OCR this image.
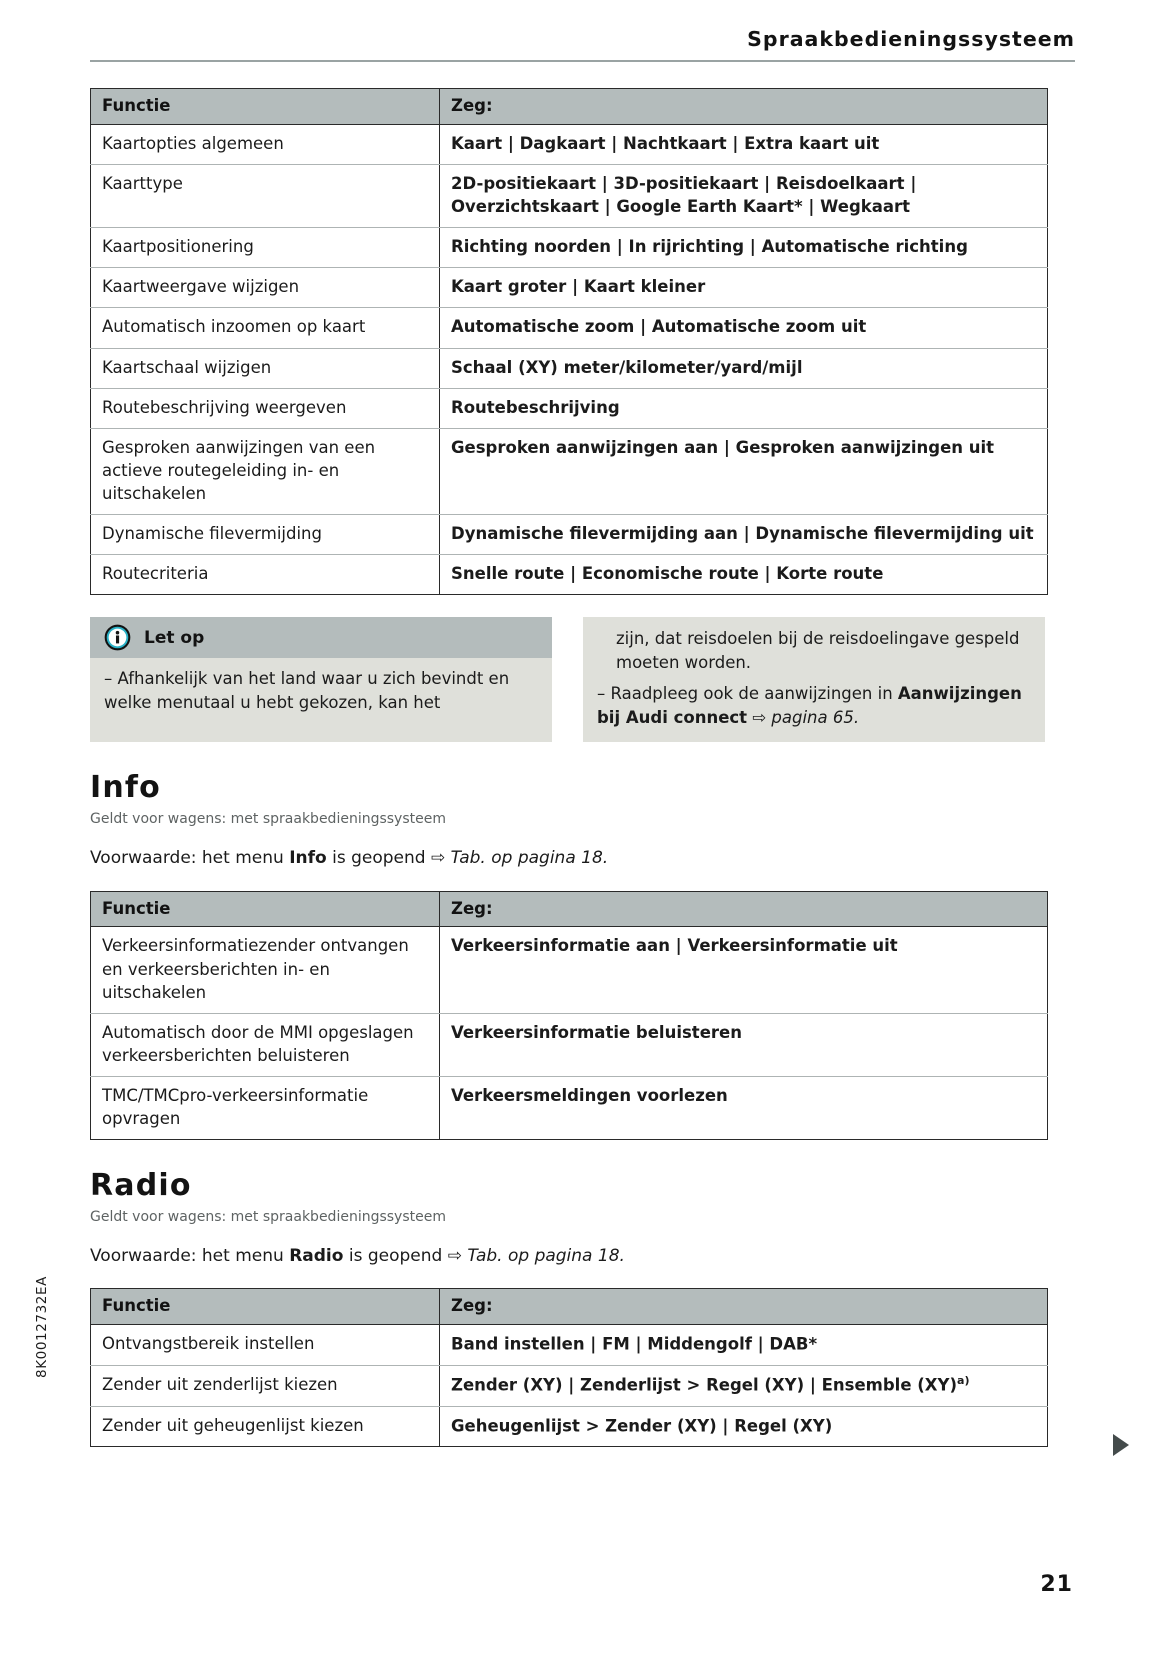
Spraakbedieningssysteem
Functie	Zeg:
Kaartopties algemeen	Kaart | Dagkaart | Nachtkaart | Extra kaart uit
Kaarttype	2D-positiekaart | 3D-positiekaart | Reisdoelkaart | Overzichtskaart | Google Earth Kaart* | Wegkaart
Kaartpositionering	Richting noorden | In rijrichting | Automatische richting
Kaartweergave wijzigen	Kaart groter | Kaart kleiner
Automatisch inzoomen op kaart	Automatische zoom | Automatische zoom uit
Kaartschaal wijzigen	Schaal (XY) meter/kilometer/yard/mijl
Routebeschrijving weergeven	Routebeschrijving
Gesproken aanwijzingen van een actieve routegeleiding in- en uitschakelen	Gesproken aanwijzingen aan | Gesproken aanwijzingen uit
Dynamische filevermijding	Dynamische filevermijding aan | Dynamische filevermijding uit
Routecriteria	Snelle route | Economische route | Korte route
Let op
– Afhankelijk van het land waar u zich bevindt en welke menutaal u hebt gekozen, kan het
zijn, dat reisdoelen bij de reisdoelingave gespeld moeten worden.
– Raadpleeg ook de aanwijzingen in Aanwijzingen bij Audi connect ⇨ pagina 65.
Info
Geldt voor wagens: met spraakbedieningssysteem
Voorwaarde: het menu Info is geopend ⇨ Tab. op pagina 18.
Functie	Zeg:
Verkeersinformatiezender ontvangen en verkeersberichten in- en uitschakelen	Verkeersinformatie aan | Verkeersinformatie uit
Automatisch door de MMI opgeslagen verkeersberichten beluisteren	Verkeersinformatie beluisteren
TMC/TMCpro-verkeersinformatie opvragen	Verkeersmeldingen voorlezen
Radio
Geldt voor wagens: met spraakbedieningssysteem
Voorwaarde: het menu Radio is geopend ⇨ Tab. op pagina 18.
Functie	Zeg:
Ontvangstbereik instellen	Band instellen | FM | Middengolf | DAB*
Zender uit zenderlijst kiezen	Zender (XY) | Zenderlijst > Regel (XY) | Ensemble (XY)$^{a)}$
Zender uit geheugenlijst kiezen	Geheugenlijst > Zender (XY) | Regel (XY)
8K0012732EA
21
